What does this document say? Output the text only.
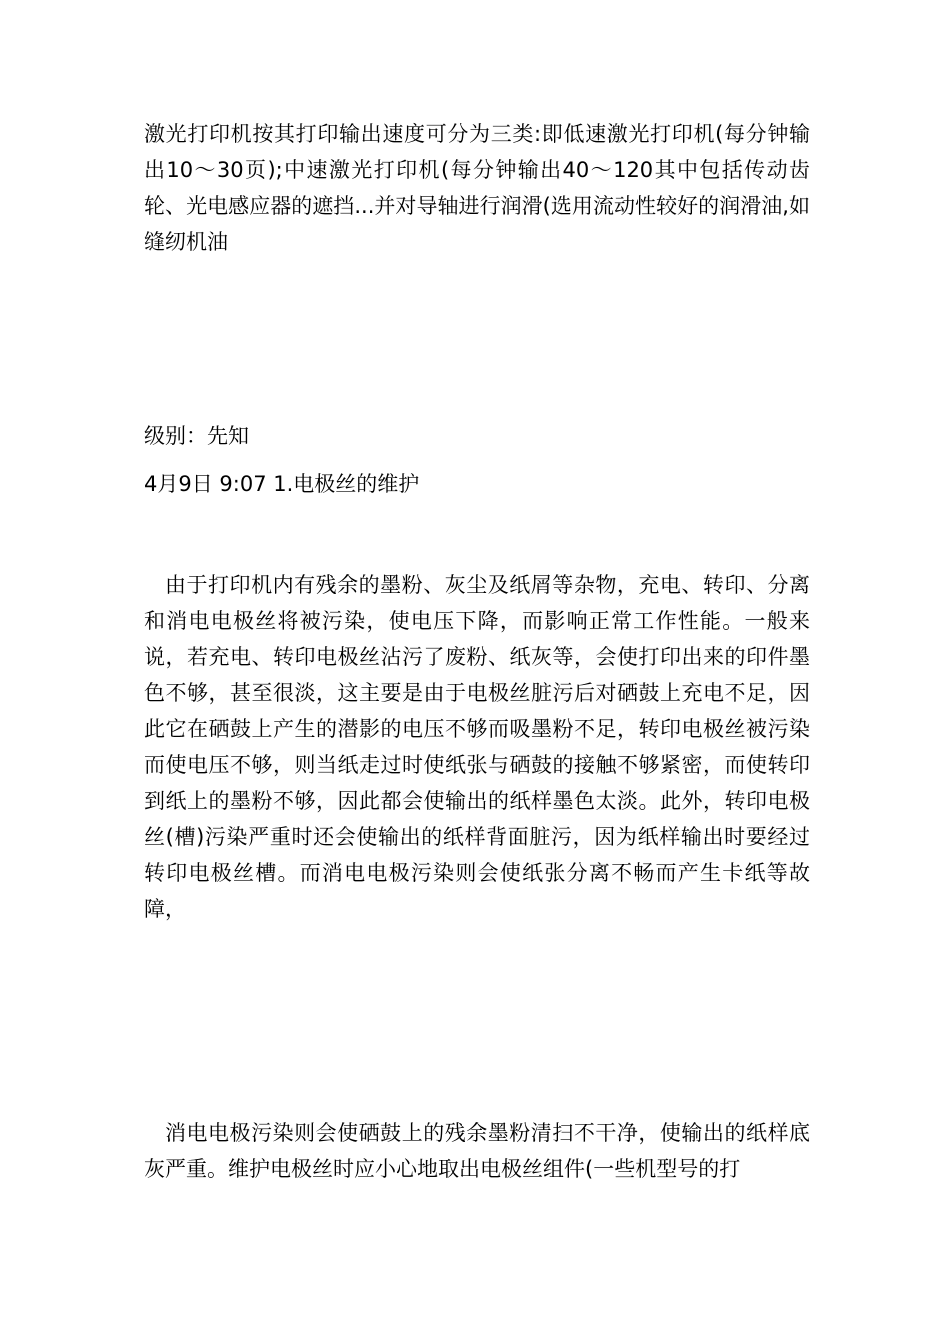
激光打印机按其打印输出速度可分为三类:即低速激光打印机(每分钟输出10～30页);中速激光打印机(每分钟输出40～120其中包括传动齿轮、光电感应器的遮挡...并对导轴进行润滑(选用流动性较好的润滑油,如缝纫机油

级别：先知

4月9日 9:07 1.电极丝的维护

由于打印机内有残余的墨粉、灰尘及纸屑等杂物，充电、转印、分离和消电电极丝将被污染，使电压下降，而影响正常工作性能。一般来说，若充电、转印电极丝沾污了废粉、纸灰等，会使打印出来的印件墨色不够，甚至很淡，这主要是由于电极丝脏污后对硒鼓上充电不足，因此它在硒鼓上产生的潜影的电压不够而吸墨粉不足，转印电极丝被污染而使电压不够，则当纸走过时使纸张与硒鼓的接触不够紧密，而使转印到纸上的墨粉不够，因此都会使输出的纸样墨色太淡。此外，转印电极丝(槽)污染严重时还会使输出的纸样背面脏污，因为纸样输出时要经过转印电极丝槽。而消电电极污染则会使纸张分离不畅而产生卡纸等故障，

消电电极污染则会使硒鼓上的残余墨粉清扫不干净，使输出的纸样底灰严重。维护电极丝时应小心地取出电极丝组件(一些机型号的打
